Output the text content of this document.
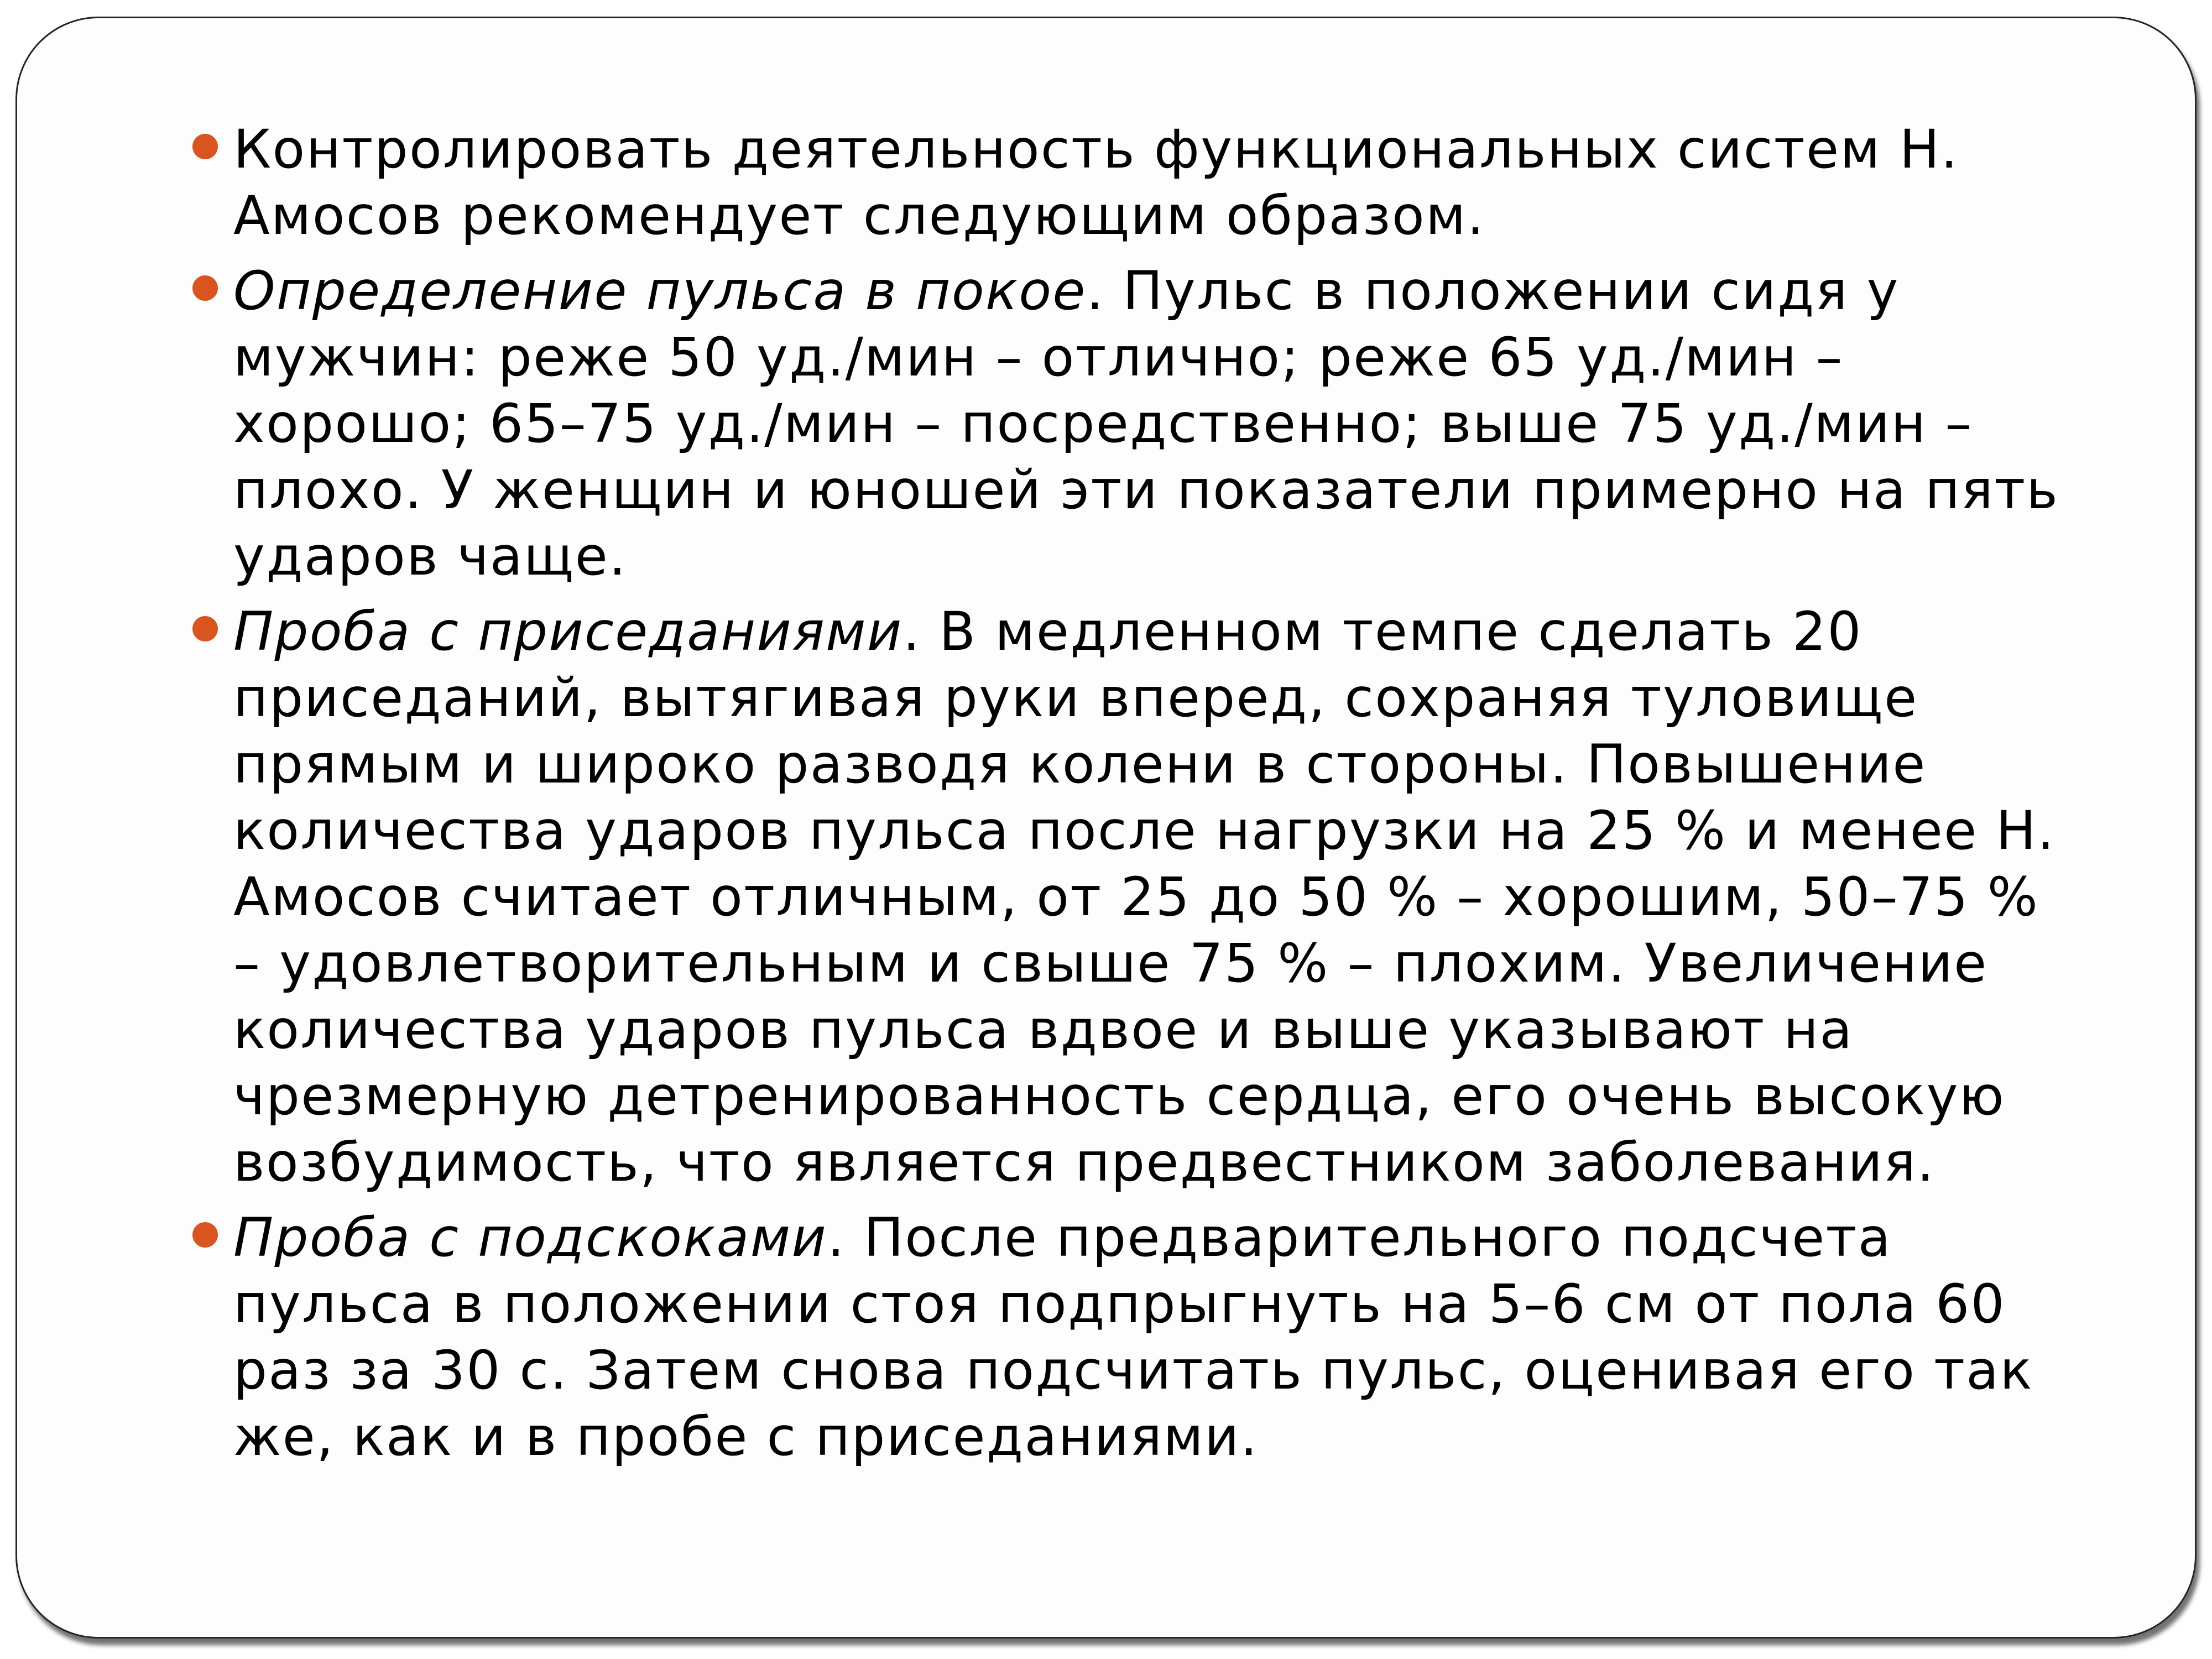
Контролировать деятельность функциональных систем Н. Амосов рекомендует следующим образом.
Определение пульса в покое. Пульс в положении сидя у мужчин: реже 50 уд./мин – отлично; реже 65 уд./мин – хорошо; 65–75 уд./мин – посредственно; выше 75 уд./мин – плохо. У женщин и юношей эти показатели примерно на пять ударов чаще.
Проба с приседаниями. В медленном темпе сделать 20 приседаний, вытягивая руки вперед, сохраняя туловище прямым и широко разводя колени в стороны. Повышение количества ударов пульса после нагрузки на 25 % и менее Н. Амосов считает отличным, от 25 до 50 % – хорошим, 50–75 % – удовлетворительным и свыше 75 % – плохим. Увеличение количества ударов пульса вдвое и выше указывают на чрезмерную детренированность сердца, его очень высокую возбудимость, что является предвестником заболевания.
Проба с подскоками. После предварительного подсчета пульса в положении стоя подпрыгнуть на 5–6 см от пола 60 раз за 30 с. Затем снова подсчитать пульс, оценивая его так же, как и в пробе с приседаниями.
